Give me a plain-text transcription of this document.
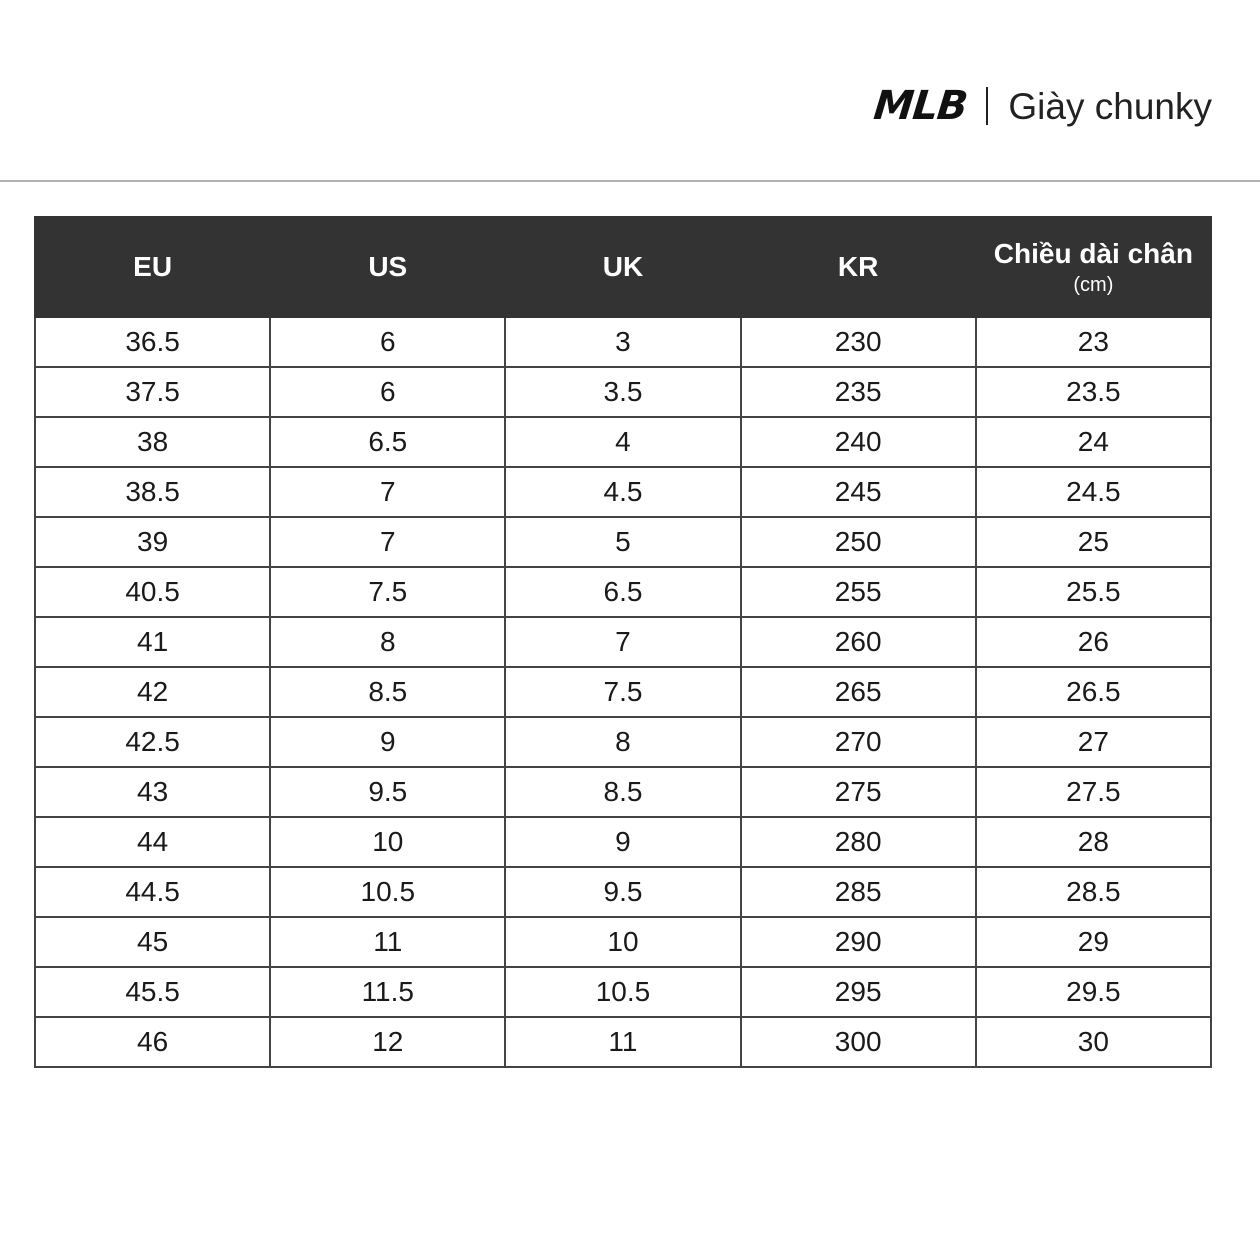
MLB Giày chunky
EU	US	UK	KR	Chiều dài chân
(cm)

36.5	6	3	230	23
37.5	6	3.5	235	23.5
38	6.5	4	240	24
38.5	7	4.5	245	24.5
39	7	5	250	25
40.5	7.5	6.5	255	25.5
41	8	7	260	26
42	8.5	7.5	265	26.5
42.5	9	8	270	27
43	9.5	8.5	275	27.5
44	10	9	280	28
44.5	10.5	9.5	285	28.5
45	11	10	290	29
45.5	11.5	10.5	295	29.5
46	12	11	300	30
